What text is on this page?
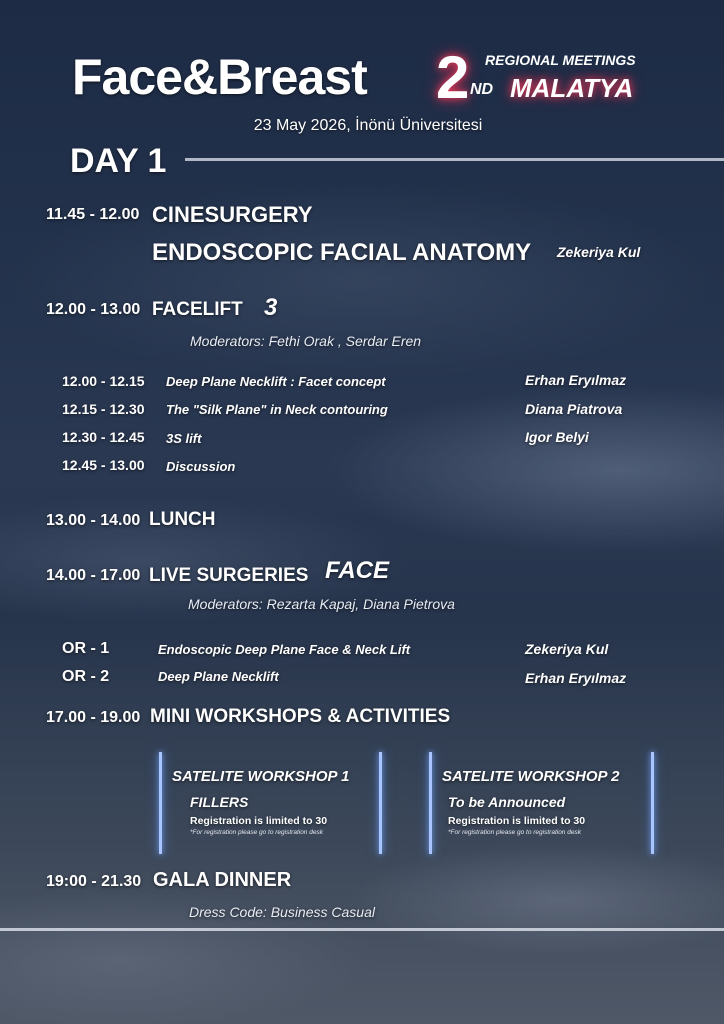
Face&Breast 2 ND
REGIONAL MEETINGS
MALATYA
23 May 2026, İnönü Üniversitesi
DAY 1
11.45 - 12.00 CINESURGERY
ENDOSCOPIC FACIAL ANATOMY Zekeriya Kul
12.00 - 13.00 FACELIFT 3
Moderators: Fethi Orak , Serdar Eren
12.00 - 12.15 Deep Plane Necklift : Facet concept	Erhan Eryılmaz
12.15 - 12.30 The "Silk Plane" in Neck contouring	Diana Piatrova
12.30 - 12.45 3S lift	Igor Belyi
12.45 - 13.00 Discussion
13.00 - 14.00 LUNCH
14.00 - 17.00 LIVE SURGERIES FACE
Moderators: Rezarta Kapaj, Diana Pietrova
OR - 1	Endoscopic Deep Plane Face & Neck Lift	Zekeriya Kul
OR - 2	Deep Plane Necklift	Erhan Eryılmaz
17.00 - 19.00 MINI WORKSHOPS & ACTIVITIES
SATELITE WORKSHOP 1
FILLERS
Registration is limited to 30
*For registration please go to registration desk
SATELITE WORKSHOP 2
To be Announced
Registration is limited to 30
*For registration please go to registration desk
19:00 - 21.30 GALA DINNER
Dress Code: Business Casual
